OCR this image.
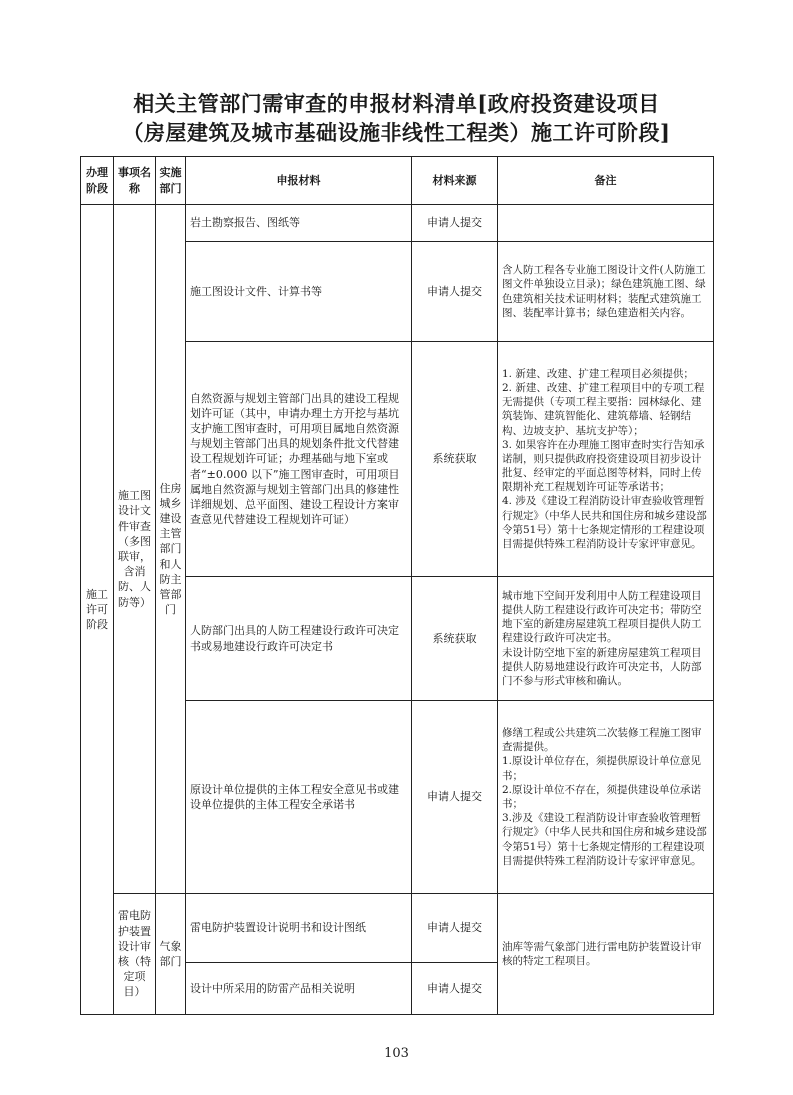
相关主管部门需审查的申报材料清单[政府投资建设项目
（房屋建筑及城市基础设施非线性工程类）施工许可阶段]
办理阶段	事项名称	实施部门	申报材料	材料来源	备注
施工许可阶段	施工图设计文件审查（多图联审，含消防、人防等）	住房城乡建设主管部门和人防主管部门	岩土勘察报告、图纸等	申请人提交	
			施工图设计文件、计算书等	申请人提交	含人防工程各专业施工图设计文件(人防施工图文件单独设立目录)；绿色建筑施工图、绿色建筑相关技术证明材料；装配式建筑施工图、装配率计算书；绿色建造相关内容。
			自然资源与规划主管部门出具的建设工程规划许可证（其中，申请办理土方开挖与基坑支护施工图审查时，可用项目属地自然资源与规划主管部门出具的规划条件批文代替建设工程规划许可证；办理基础与地下室或者“±0.000 以下”施工图审查时，可用项目属地自然资源与规划主管部门出具的修建性详细规划、总平面图、建设工程设计方案审查意见代替建设工程规划许可证）	系统获取	1. 新建、改建、扩建工程项目必须提供；
2. 新建、改建、扩建工程项目中的专项工程无需提供（专项工程主要指：园林绿化、建筑装饰、建筑智能化、建筑幕墙、轻钢结构、边坡支护、基坑支护等）；
3. 如果容许在办理施工图审查时实行告知承诺制，则只提供政府投资建设项目初步设计批复、经审定的平面总图等材料，同时上传限期补充工程规划许可证等承诺书；
4. 涉及《建设工程消防设计审查验收管理暂行规定》（中华人民共和国住房和城乡建设部令第51号）第十七条规定情形的工程建设项目需提供特殊工程消防设计专家评审意见。
			人防部门出具的人防工程建设行政许可决定书或易地建设行政许可决定书	系统获取	城市地下空间开发利用中人防工程建设项目提供人防工程建设行政许可决定书；带防空地下室的新建房屋建筑工程项目提供人防工程建设行政许可决定书。
未设计防空地下室的新建房屋建筑工程项目提供人防易地建设行政许可决定书，人防部门不参与形式审核和确认。
			原设计单位提供的主体工程安全意见书或建设单位提供的主体工程安全承诺书	申请人提交	修缮工程或公共建筑二次装修工程施工图审查需提供。
1.原设计单位存在，须提供原设计单位意见书；
2.原设计单位不存在，须提供建设单位承诺书；
3.涉及《建设工程消防设计审查验收管理暂行规定》（中华人民共和国住房和城乡建设部令第51号）第十七条规定情形的工程建设项目需提供特殊工程消防设计专家评审意见。
	雷电防护装置设计审核（特定项目）	气象部门	雷电防护装置设计说明书和设计图纸	申请人提交	油库等需气象部门进行雷电防护装置设计审核的特定工程项目。
			设计中所采用的防雷产品相关说明	申请人提交	
103
